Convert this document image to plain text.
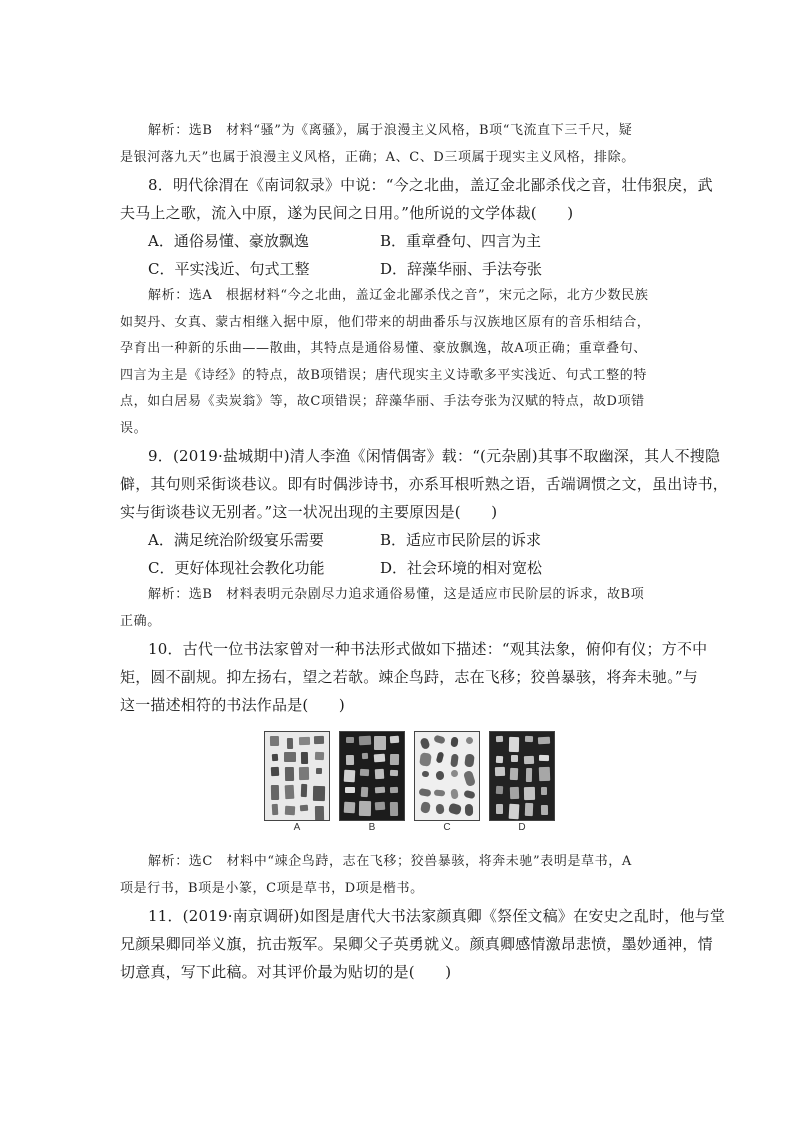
解析：选B　材料“骚”为《离骚》，属于浪漫主义风格，B项“飞流直下三千尺，疑
是银河落九天”也属于浪漫主义风格，正确；A、C、D三项属于现实主义风格，排除。
8．明代徐渭在《南词叙录》中说：“今之北曲，盖辽金北鄙杀伐之音，壮伟狠戾，武
夫马上之歌，流入中原，遂为民间之日用。”他所说的文学体裁(　　)
A．通俗易懂、豪放飘逸	B．重章叠句、四言为主
C．平实浅近、句式工整	D．辞藻华丽、手法夸张
解析：选A　根据材料“今之北曲，盖辽金北鄙杀伐之音”，宋元之际，北方少数民族
如契丹、女真、蒙古相继入据中原，他们带来的胡曲番乐与汉族地区原有的音乐相结合，
孕育出一种新的乐曲——散曲，其特点是通俗易懂、豪放飘逸，故A项正确；重章叠句、
四言为主是《诗经》的特点，故B项错误；唐代现实主义诗歌多平实浅近、句式工整的特
点，如白居易《卖炭翁》等，故C项错误；辞藻华丽、手法夸张为汉赋的特点，故D项错
误。
9．(2019·盐城期中)清人李渔《闲情偶寄》载：“(元杂剧)其事不取幽深，其人不搜隐
僻，其句则采街谈巷议。即有时偶涉诗书，亦系耳根听熟之语，舌端调惯之文，虽出诗书，
实与街谈巷议无别者。”这一状况出现的主要原因是(　　)
A．满足统治阶级宴乐需要	B．适应市民阶层的诉求
C．更好体现社会教化功能	D．社会环境的相对宽松
解析：选B　材料表明元杂剧尽力追求通俗易懂，这是适应市民阶层的诉求，故B项
正确。
10．古代一位书法家曾对一种书法形式做如下描述：“观其法象，俯仰有仪；方不中
矩，圆不副规。抑左扬右，望之若欹。竦企鸟跱，志在飞移；狡兽暴骇，将奔未驰。”与
这一描述相符的书法作品是(　　)
A	B	C	D
解析：选C　材料中“竦企鸟跱，志在飞移；狡兽暴骇，将奔未驰”表明是草书，A
项是行书，B项是小篆，C项是草书，D项是楷书。
11．(2019·南京调研)如图是唐代大书法家颜真卿《祭侄文稿》在安史之乱时，他与堂
兄颜杲卿同举义旗，抗击叛军。杲卿父子英勇就义。颜真卿感情激昂悲愤，墨妙通神，情
切意真，写下此稿。对其评价最为贴切的是(　　)
